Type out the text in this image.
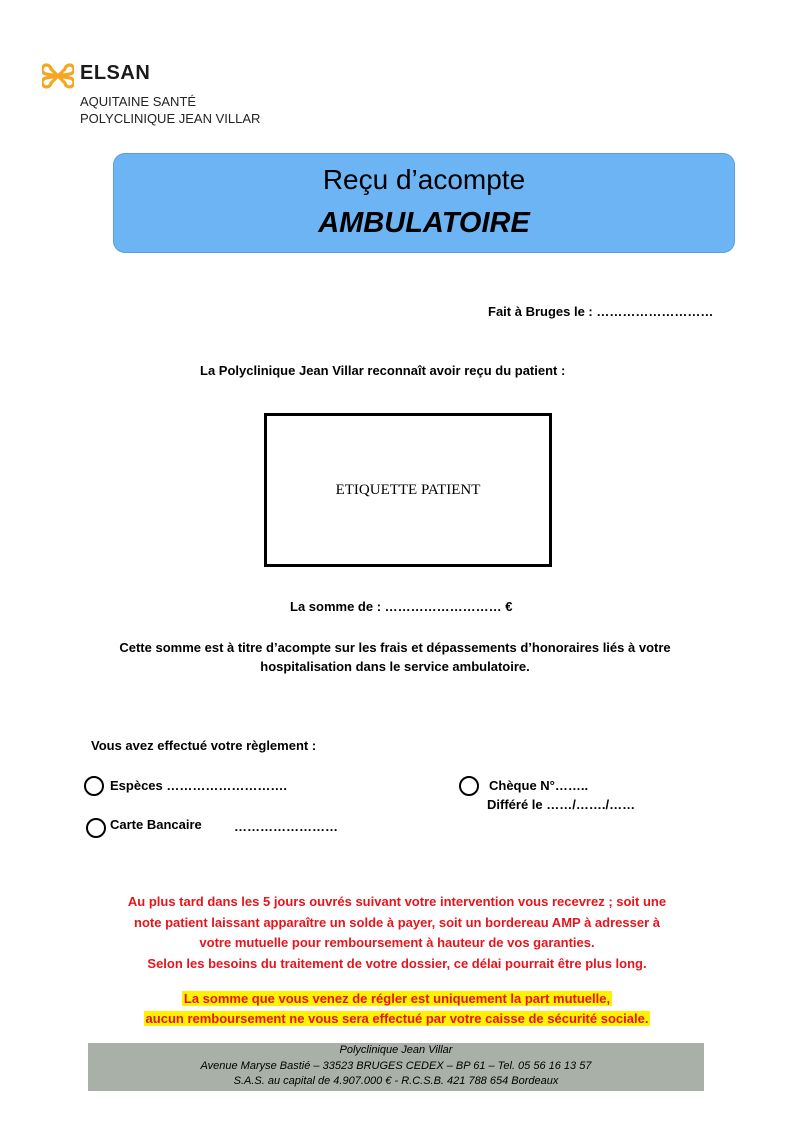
ELSAN
AQUITAINE SANTÉ
POLYCLINIQUE JEAN VILLAR
Reçu d’acompte
AMBULATOIRE
Fait à Bruges le : ………………………
La Polyclinique Jean Villar reconnaît avoir reçu du patient :
ETIQUETTE PATIENT
La somme de : ……………………… €
Cette somme est à titre d’acompte sur les frais et dépassements d’honoraires liés à votre
hospitalisation dans le service ambulatoire.
Vous avez effectué votre règlement :
Espèces ……………………….
Carte Bancaire ……………………
Chèque N°……..
Différé le ……/……./……
Au plus tard dans les 5 jours ouvrés suivant votre intervention vous recevrez ; soit une
note patient laissant apparaître un solde à payer, soit un bordereau AMP à adresser à
votre mutuelle pour remboursement à hauteur de vos garanties.
Selon les besoins du traitement de votre dossier, ce délai pourrait être plus long.
La somme que vous venez de régler est uniquement la part mutuelle,
aucun remboursement ne vous sera effectué par votre caisse de sécurité sociale.
Polyclinique Jean Villar
Avenue Maryse Bastié – 33523 BRUGES CEDEX – BP 61 – Tel. 05 56 16 13 57
S.A.S. au capital de 4.907.000 € - R.C.S.B. 421 788 654 Bordeaux
